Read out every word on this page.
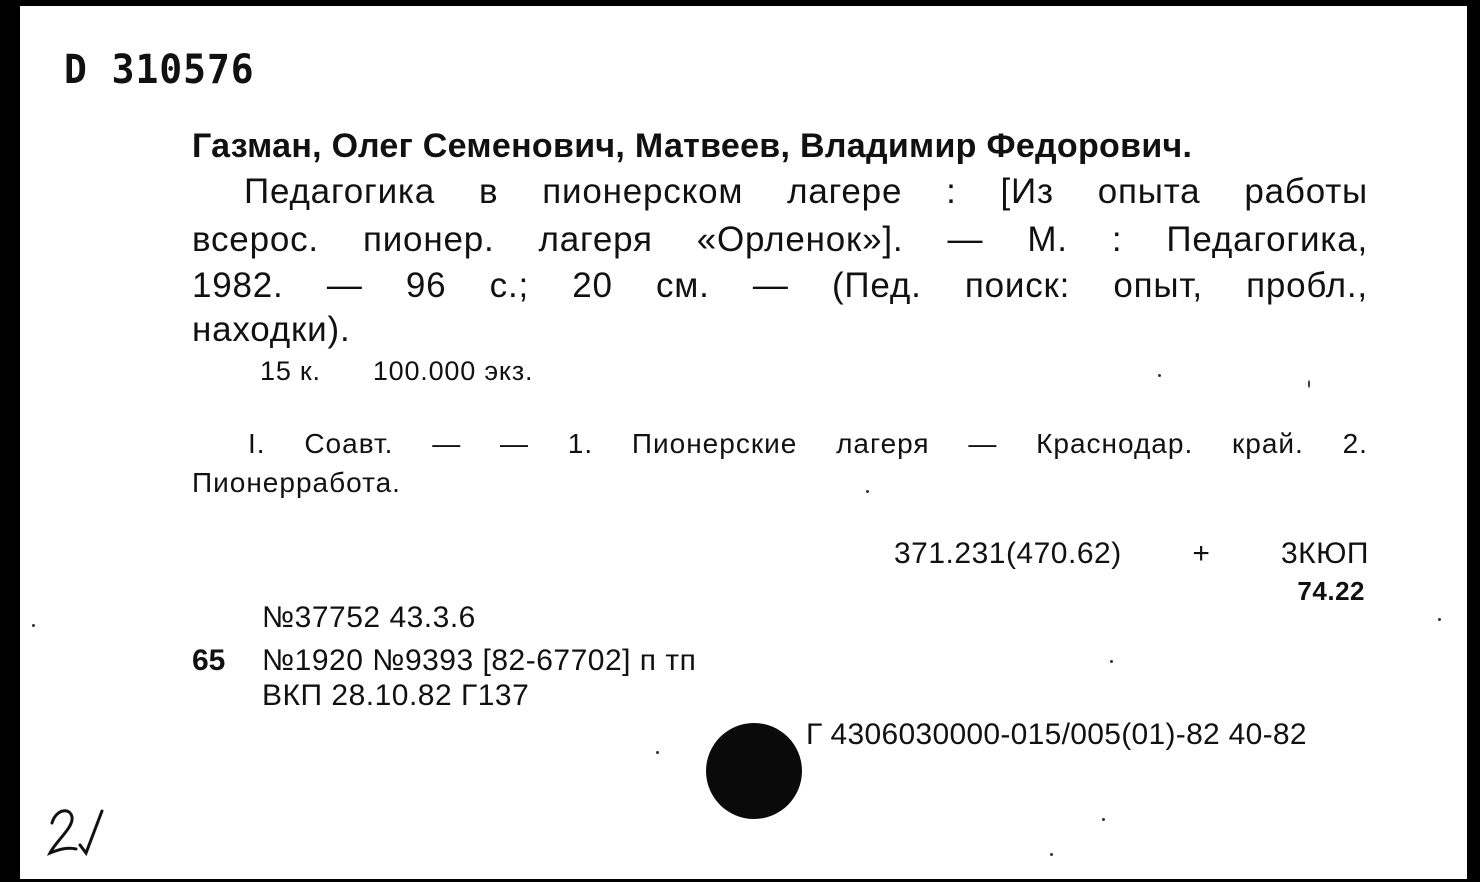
D 310576
Газман, Олег Семенович, Матвеев, Владимир Федорович.
Педагогика в пионерском лагере : [Из опыта работы
всерос. пионер. лагеря «Орленок»]. — М. : Педагогика,
1982. — 96 с.; 20 см. — (Пед. поиск: опыт, пробл.,
находки).
15 к. 100.000 экз.
I. Соавт. — — 1. Пионерские лагеря — Краснодар. край. 2.
Пионерработа.
371.231(470.62) + 3КЮП
74.22
№37752 43.3.6
65 №1920 №9393 [82-67702] п тп
ВКП 28.10.82 Г137
Г 4306030000-015/005(01)-82 40-82
